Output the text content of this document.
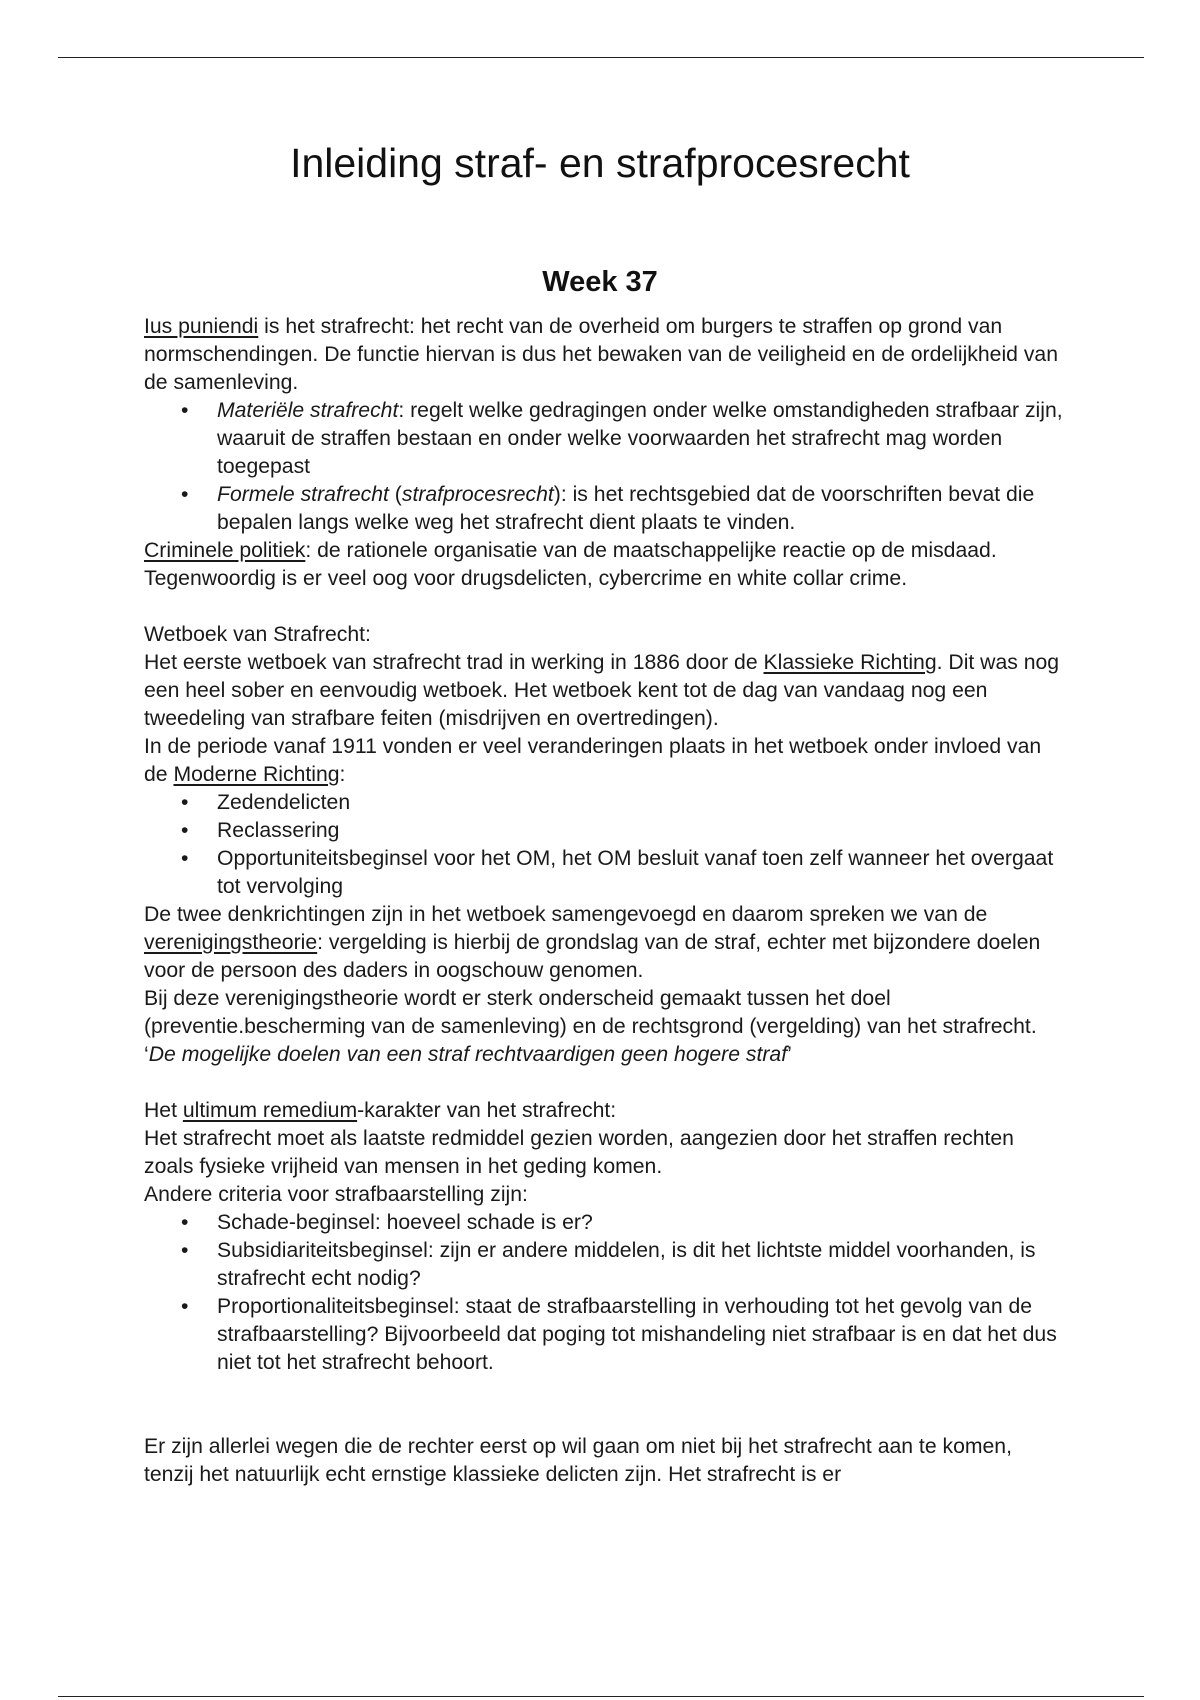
Inleiding straf- en strafprocesrecht
Week 37

Ius puniendi is het strafrecht: het recht van de overheid om burgers te straffen op grond van normschendingen. De functie hiervan is dus het bewaken van de veiligheid en de ordelijkheid van de samenleving.

• Materiële strafrecht: regelt welke gedragingen onder welke omstandigheden strafbaar zijn, waaruit de straffen bestaan en onder welke voorwaarden het strafrecht mag worden toegepast
• Formele strafrecht (strafprocesrecht): is het rechtsgebied dat de voorschriften bevat die bepalen langs welke weg het strafrecht dient plaats te vinden.

Criminele politiek: de rationele organisatie van de maatschappelijke reactie op de misdaad. Tegenwoordig is er veel oog voor drugsdelicten, cybercrime en white collar crime.

Wetboek van Strafrecht:

Het eerste wetboek van strafrecht trad in werking in 1886 door de Klassieke Richting. Dit was nog een heel sober en eenvoudig wetboek. Het wetboek kent tot de dag van vandaag nog een tweedeling van strafbare feiten (misdrijven en overtredingen).

In de periode vanaf 1911 vonden er veel veranderingen plaats in het wetboek onder invloed van de Moderne Richting:

• Zedendelicten
• Reclassering
• Opportuniteitsbeginsel voor het OM, het OM besluit vanaf toen zelf wanneer het overgaat tot vervolging

De twee denkrichtingen zijn in het wetboek samengevoegd en daarom spreken we van de verenigingstheorie: vergelding is hierbij de grondslag van de straf, echter met bijzondere doelen voor de persoon des daders in oogschouw genomen.

Bij deze verenigingstheorie wordt er sterk onderscheid gemaakt tussen het doel (preventie.bescherming van de samenleving) en de rechtsgrond (vergelding) van het strafrecht. ‘De mogelijke doelen van een straf rechtvaardigen geen hogere straf’

Het ultimum remedium-karakter van het strafrecht:

Het strafrecht moet als laatste redmiddel gezien worden, aangezien door het straffen rechten zoals fysieke vrijheid van mensen in het geding komen.

Andere criteria voor strafbaarstelling zijn:

• Schade-beginsel: hoeveel schade is er?
• Subsidiariteitsbeginsel: zijn er andere middelen, is dit het lichtste middel voorhanden, is strafrecht echt nodig?
• Proportionaliteitsbeginsel: staat de strafbaarstelling in verhouding tot het gevolg van de strafbaarstelling? Bijvoorbeeld dat poging tot mishandeling niet strafbaar is en dat het dus niet tot het strafrecht behoort.

Er zijn allerlei wegen die de rechter eerst op wil gaan om niet bij het strafrecht aan te komen, tenzij het natuurlijk echt ernstige klassieke delicten zijn. Het strafrecht is er
